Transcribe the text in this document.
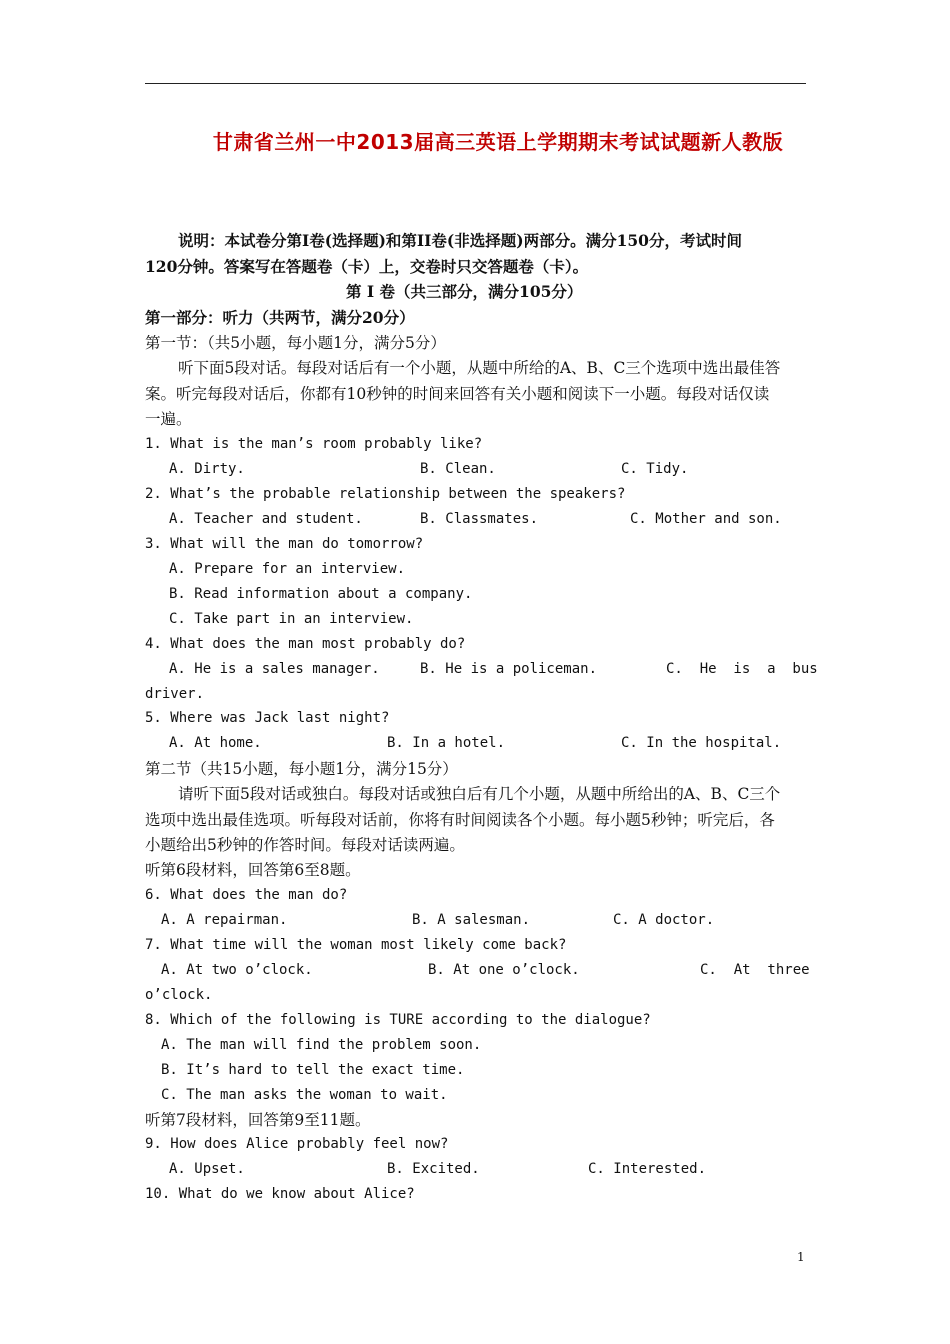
甘肃省兰州一中2013届高三英语上学期期末考试试题新人教版
说明：本试卷分第Ⅰ卷(选择题)和第II卷(非选择题)两部分。满分150分，考试时间
120分钟。答案写在答题卷（卡）上，交卷时只交答题卷（卡）。
第 Ⅰ 卷（共三部分，满分105分）
第一部分：听力（共两节，满分20分）
第一节：（共5小题，每小题1分，满分5分）
听下面5段对话。每段对话后有一个小题，从题中所给的A、B、C三个选项中选出最佳答
案。听完每段对话后，你都有10秒钟的时间来回答有关小题和阅读下一小题。每段对话仅读
一遍。
1. What is the man’s room probably like?
A. Dirty.	B. Clean.	C. Tidy.
2. What’s the probable relationship between the speakers?
A. Teacher and student.	B. Classmates.	C. Mother and son.
3. What will the man do tomorrow?
A. Prepare for an interview.
B. Read information about a company.
C. Take part in an interview.
4. What does the man most probably do?
A. He is a sales manager.	B. He is a policeman.	C.  He  is  a  bus
driver.
5. Where was Jack last night?
A. At home.	B. In a hotel.	C. In the hospital.
第二节（共15小题，每小题1分，满分15分）
请听下面5段对话或独白。每段对话或独白后有几个小题，从题中所给出的A、B、C三个
选项中选出最佳选项。听每段对话前，你将有时间阅读各个小题。每小题5秒钟；听完后，各
小题给出5秒钟的作答时间。每段对话读两遍。
听第6段材料，回答第6至8题。
6. What does the man do?
A. A repairman.	B. A salesman.	C. A doctor.
7. What time will the woman most likely come back?
A. At two o’clock.	B. At one o’clock.	C.  At  three
o’clock.
8. Which of the following is TURE according to the dialogue?
A. The man will find the problem soon.
B. It’s hard to tell the exact time.
C. The man asks the woman to wait.
听第7段材料，回答第9至11题。
9. How does Alice probably feel now?
A. Upset.	B. Excited.	C. Interested.
10. What do we know about Alice?
1
